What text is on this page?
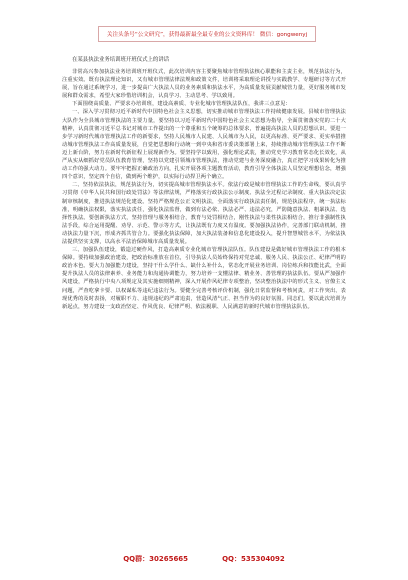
关注头条号“公文研究”，获得最新最全最专业的公文资料库！ 微信：gongwenyj

在某县执法业务培训班开班仪式上的讲话

非常高兴参加执法业务培训班开班仪式，此次培训内容主要聚焦城市管理执法核心职能和主责主业，规范执法行为，注重实效。既有执法理论知识，又有城市管理法律法规和政策文件，培训将采取理论讲授与实践教学、专题研讨等方式开展，旨在通过系统学习，进一步提高广大执法人员的业务素质和执法水平，为高质量发展贡献城管力量，更好服务城市发展和群众需求，希望大家珍惜培训机会，认真学习、主动思考、学以致用。

下面围绕高质量、严要求办培训班，建设高素质、专业化城市管理执法队伍，我讲三点意见：

一、深入学习贯彻习近平新时代中国特色社会主义思想，切实推动城市管理执法工作持续健康发展。县城市管理执法大队作为全县城市管理执法的主要力量，要坚持以习近平新时代中国特色社会主义思想为指导，全面贯彻落实党的二十大精神，认真贯彻习近平总书记对城市工作提出的一个尊重和五个统筹的总体要求，普遍提高执法人员的思想认识。要进一步学习新时代城市管理执法工作的新要求，坚持人民城市人民建、人民城市为人民，以更高标准、更严要求、更实举措推动城市管理执法工作高质量发展，自觉把思想和行动统一到中央和省市委决策部署上来，持续推动城市管理执法工作不断迈上新台阶，努力在新时代新征程上展现新作为。要坚持学以致用，强化理论武装，推动党史学习教育常态化长效化，从严从实从细抓好党员队伍教育管理，坚持以党建引领城市管理执法，推动党建与业务深度融合，真正把学习成果转化为推动工作的强大动力。要牢牢把握正确政治方向，扎实开展各项主题教育活动，教育引导全体执法人员坚定理想信念，增强四个意识，坚定四个自信，做到两个维护，以实际行动捍卫两个确立。

二、坚持依法执法，规范执法行为，切实提高城市管理执法水平。依法行政是城市管理执法工作的生命线，要认真学习贯彻《中华人民共和国行政处罚法》等法律法规，严格落实行政执法公示制度、执法全过程记录制度、重大执法决定法制审核制度，推进执法规范化建设。坚持严格规范公正文明执法，全面落实行政执法责任制，规范执法程序，统一执法标准，明确执法权限，落实执法责任，强化执法监督，做到有法必依、执法必严、违法必究，严防随意执法、粗暴执法、选择性执法。要创新执法方式，坚持管理与服务相结合，教育与处罚相结合，刚性执法与柔性执法相结合，推行非强制性执法手段，综合运用提醒、劝导、示范、警示等方式，让执法既有力度又有温度。要加强执法协作，完善部门联动机制，推动执法力量下沉，形成齐抓共管合力。要强化执法保障，加大执法装备和信息化建设投入，提升智慧城管水平，为依法执法提供坚实支撑，以高水平法治保障城市高质量发展。

三、加强队伍建设，锻造过硬作风，打造高素质专业化城市管理执法队伍。队伍建设是做好城市管理执法工作的根本保障。要持续加强政治建设，把政治标准放在首位，引导执法人员始终保持对党忠诚、服务人民、执法公正、纪律严明的政治本色。要大力加强能力建设，坚持干什么学什么、缺什么补什么，常态化开展业务培训、岗位练兵和技能比武，全面提升执法人员的法律素养、业务能力和沟通协调能力，努力培养一支懂法律、精业务、善管理的执法队伍。要从严加强作风建设，严格执行中央八项规定及其实施细则精神，深入开展作风纪律专项整治，坚决整治执法中的形式主义、官僚主义问题，严查吃拿卡要、以权谋私等违纪违法行为。要健全完善考核评价机制，强化日常监督和考核问责，对工作突出、表现优秀的及时表扬，对履职不力、违规违纪的严肃追责，营造风清气正、担当作为的良好氛围。同志们，要以此次培训为新起点，努力建设一支政治坚定、作风优良、纪律严明、依法履职、人民满意的新时代城市管理执法队伍。

QQ群：30265665	QQ：535304092
